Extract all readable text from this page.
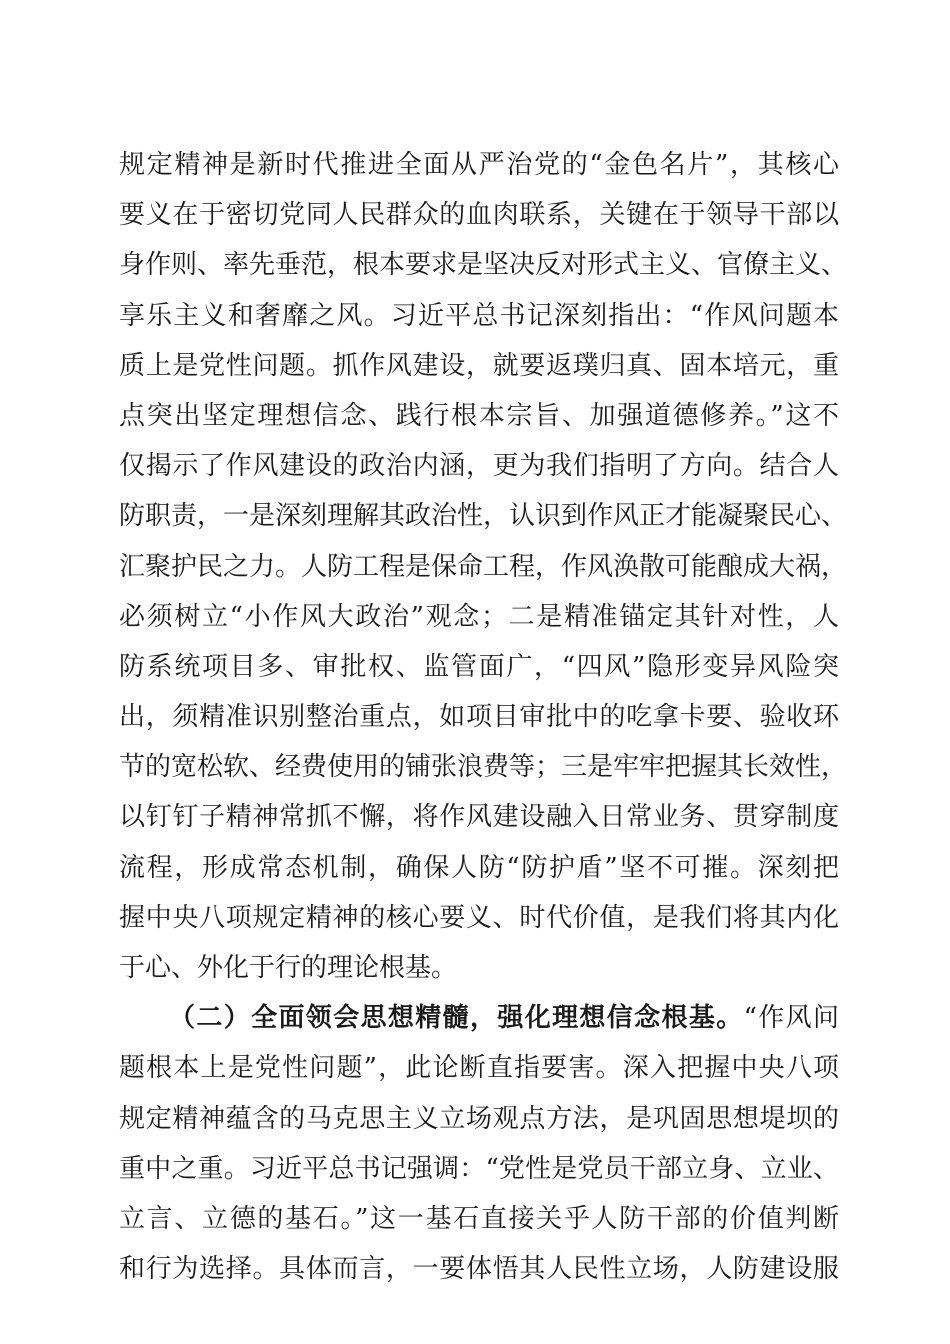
规定精神是新时代推进全面从严治党的“金色名片”，其核心
要义在于密切党同人民群众的血肉联系，关键在于领导干部以
身作则、率先垂范，根本要求是坚决反对形式主义、官僚主义、
享乐主义和奢靡之风。习近平总书记深刻指出：“作风问题本
质上是党性问题。抓作风建设，就要返璞归真、固本培元，重
点突出坚定理想信念、践行根本宗旨、加强道德修养。”这不
仅揭示了作风建设的政治内涵，更为我们指明了方向。结合人
防职责，一是深刻理解其政治性，认识到作风正才能凝聚民心、
汇聚护民之力。人防工程是保命工程，作风涣散可能酿成大祸，
必须树立“小作风大政治”观念；二是精准锚定其针对性，人
防系统项目多、审批权、监管面广，“四风”隐形变异风险突
出，须精准识别整治重点，如项目审批中的吃拿卡要、验收环
节的宽松软、经费使用的铺张浪费等；三是牢牢把握其长效性，
以钉钉子精神常抓不懈，将作风建设融入日常业务、贯穿制度
流程，形成常态机制，确保人防“防护盾”坚不可摧。深刻把
握中央八项规定精神的核心要义、时代价值，是我们将其内化
于心、外化于行的理论根基。
（二）全面领会思想精髓，强化理想信念根基。“作风问
题根本上是党性问题”，此论断直指要害。深入把握中央八项
规定精神蕴含的马克思主义立场观点方法，是巩固思想堤坝的
重中之重。习近平总书记强调：“党性是党员干部立身、立业、
立言、立德的基石。”这一基石直接关乎人防干部的价值判断
和行为选择。具体而言，一要体悟其人民性立场，人防建设服
